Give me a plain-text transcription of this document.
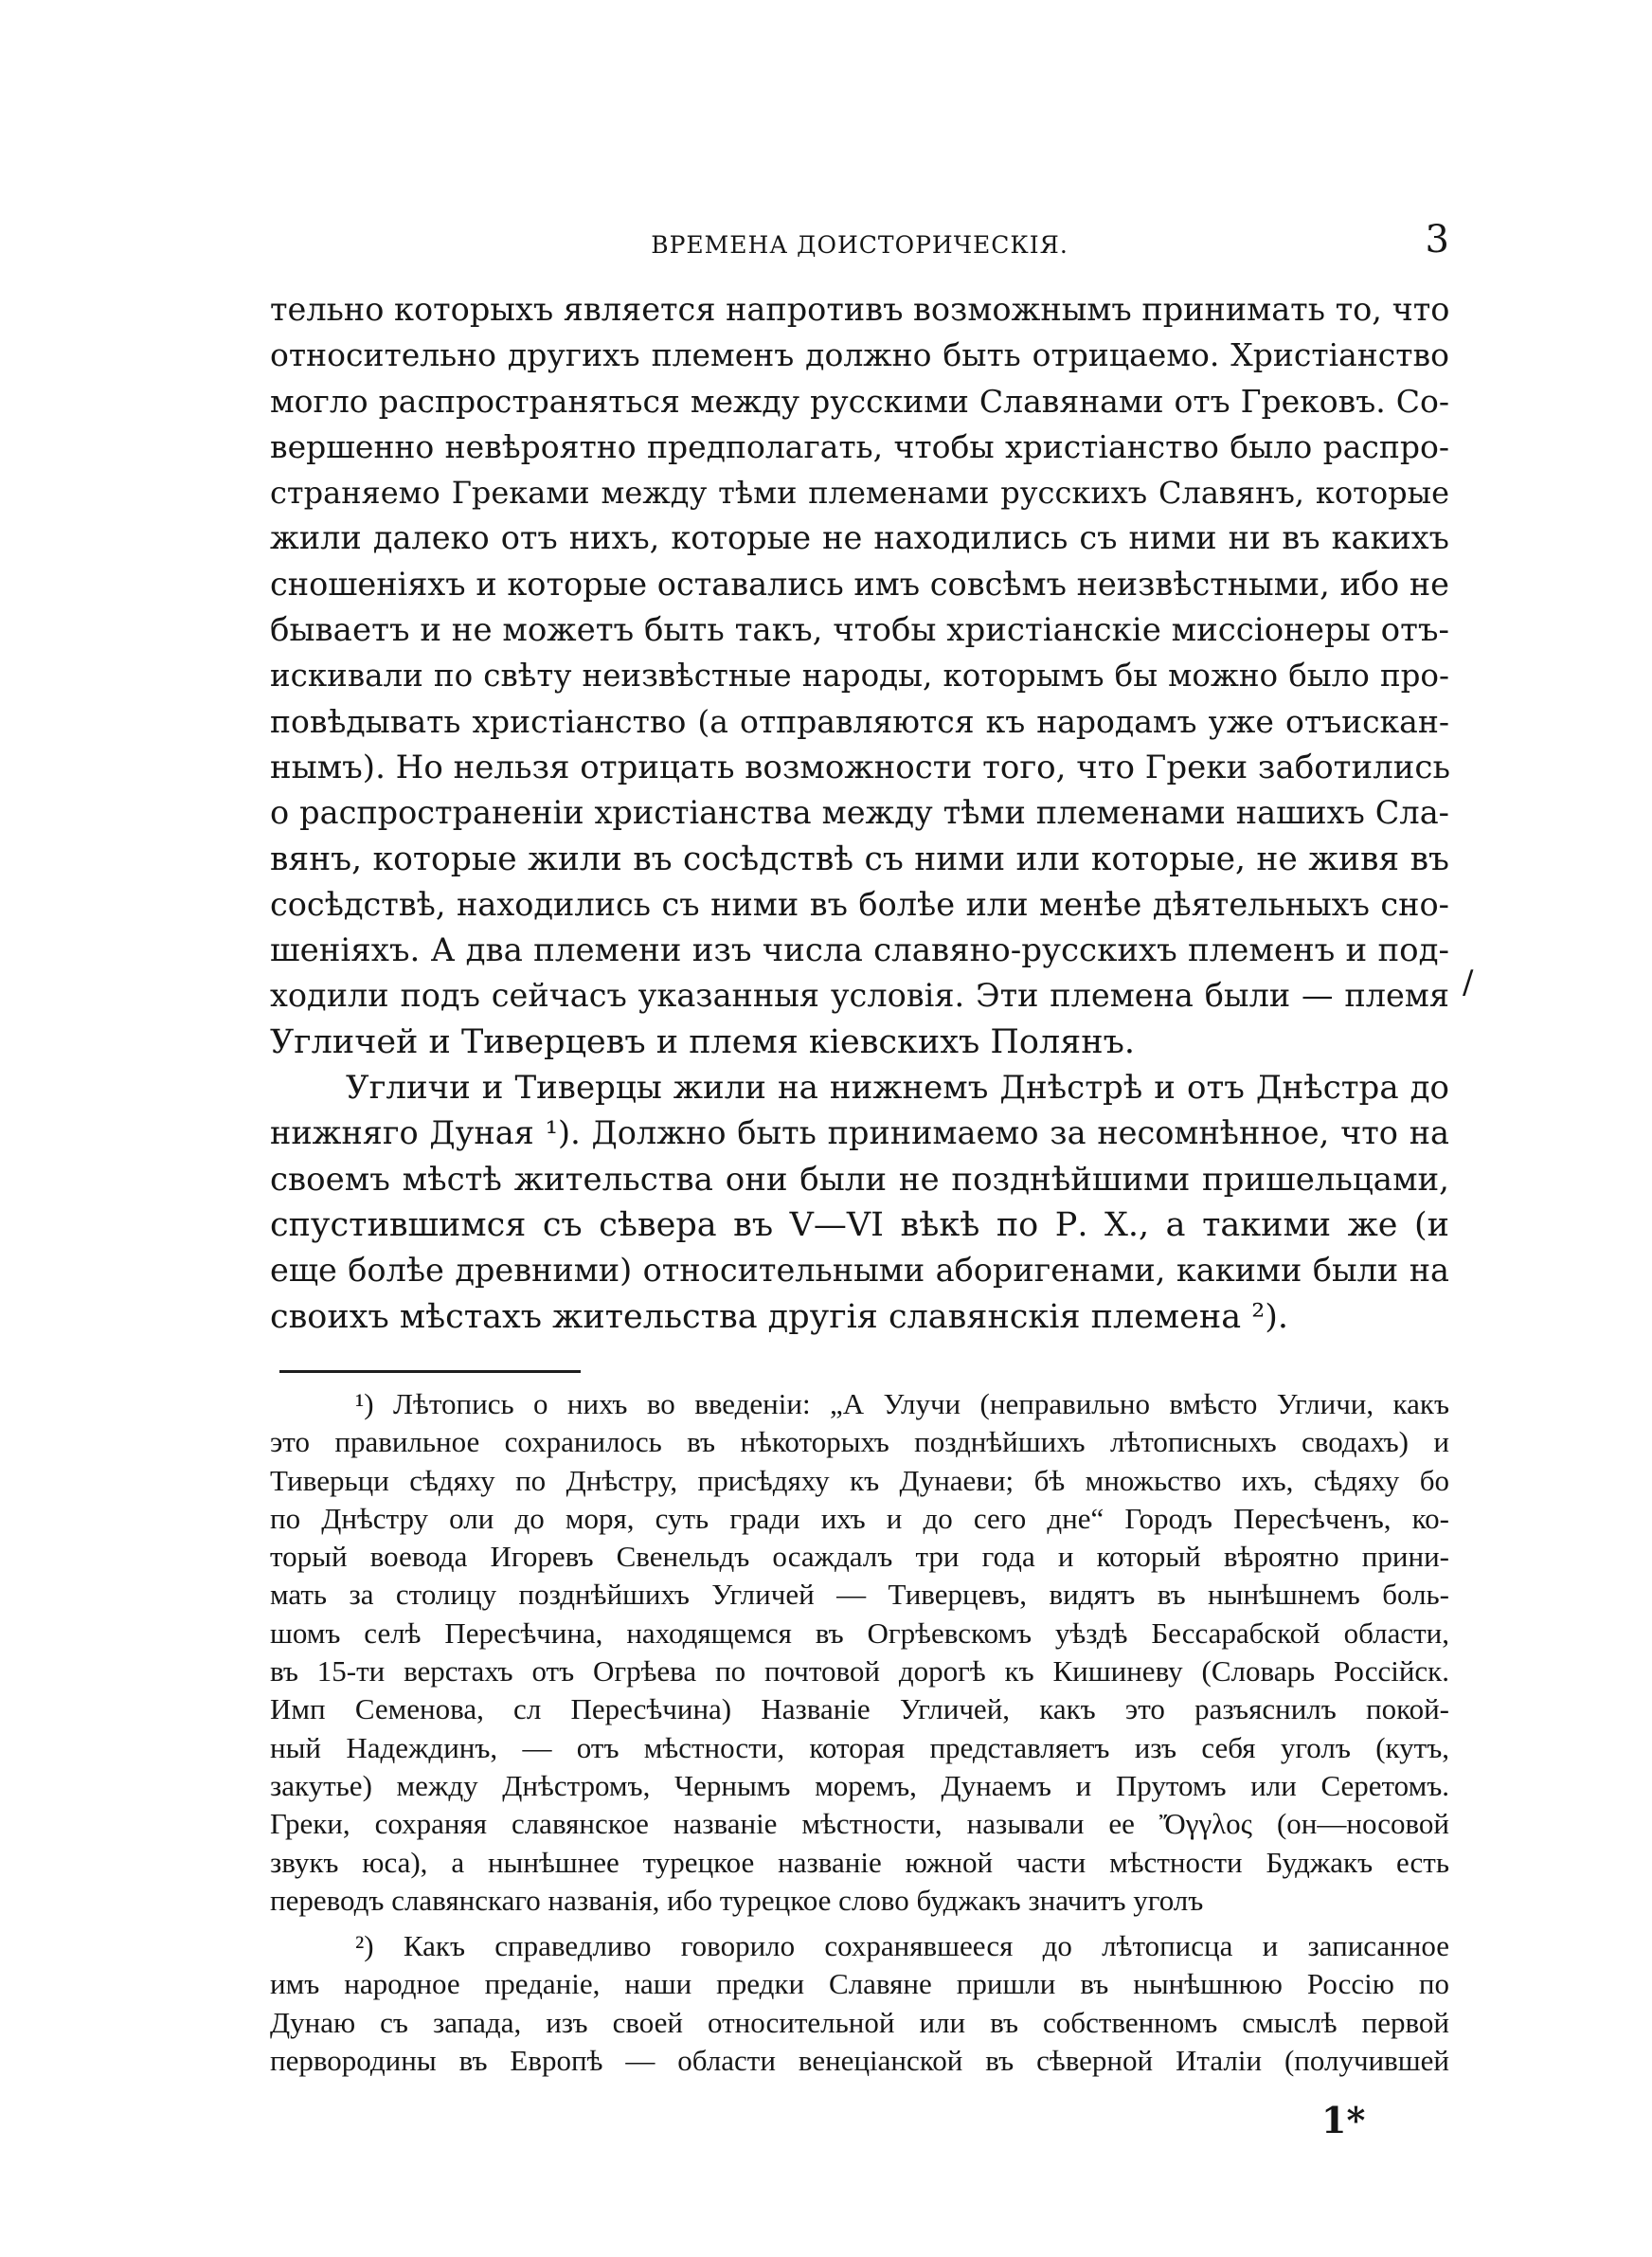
ВРЕМЕНА ДОИСТОРИЧЕСКІЯ.	3
тельно которыхъ является напротивъ возможнымъ принимать то, что
относительно другихъ племенъ должно быть отрицаемо. Христіанство
могло распространяться между русскими Славянами отъ Грековъ. Со-
вершенно невѣроятно предполагать, чтобы христіанство было распро-
страняемо Греками между тѣми племенами русскихъ Славянъ, которые
жили далеко отъ нихъ, которые не находились съ ними ни въ какихъ
сношеніяхъ и которые оставались имъ совсѣмъ неизвѣстными, ибо не
бываетъ и не можетъ быть такъ, чтобы христіанскіе миссіонеры отъ-
искивали по свѣту неизвѣстные народы, которымъ бы можно было про-
повѣдывать христіанство (а отправляются къ народамъ уже отъискан-
нымъ). Но нельзя отрицать возможности того, что Греки заботились
о распространеніи христіанства между тѣми племенами нашихъ Сла-
вянъ, которые жили въ сосѣдствѣ съ ними или которые, не живя въ
сосѣдствѣ, находились съ ними въ болѣе или менѣе дѣятельныхъ сно-
шеніяхъ. А два племени изъ числа славяно-русскихъ племенъ и под-
ходили подъ сейчасъ указанныя условія. Эти племена были — племя
Угличей и Тиверцевъ и племя кіевскихъ Полянъ.
Угличи и Тиверцы жили на нижнемъ Днѣстрѣ и отъ Днѣстра до
нижняго Дуная ¹). Должно быть принимаемо за несомнѣнное, что на
своемъ мѣстѣ жительства они были не позднѣйшими пришельцами,
спустившимся съ сѣвера въ V—VI вѣкѣ по Р. Х., а такими же (и
еще болѣе древними) относительными аборигенами, какими были на
своихъ мѣстахъ жительства другія славянскія племена ²).
/
¹) Лѣтопись о нихъ во введеніи: „А Улучи (неправильно вмѣсто Угличи, какъ
это правильное сохранилось въ нѣкоторыхъ позднѣйшихъ лѣтописныхъ сводахъ) и
Тиверьци сѣдяху по Днѣстру, присѣдяху къ Дунаеви; бѣ множьство ихъ, сѣдяху бо
по Днѣстру оли до моря, суть гради ихъ и до сего дне“ Городъ Пересѣченъ, ко-
торый воевода Игоревъ Свенельдъ осаждалъ три года и который вѣроятно прини-
мать за столицу позднѣйшихъ Угличей — Тиверцевъ, видятъ въ нынѣшнемъ боль-
шомъ селѣ Пересѣчина, находящемся въ Огрѣевскомъ уѣздѣ Бессарабской области,
въ 15-ти верстахъ отъ Огрѣева по почтовой дорогѣ къ Кишиневу (Словарь Россійск.
Имп Семенова, сл Пересѣчина) Названіе Угличей, какъ это разъяснилъ покой-
ный Надеждинъ, — отъ мѣстности, которая представляетъ изъ себя уголъ (кутъ,
закутье) между Днѣстромъ, Чернымъ моремъ, Дунаемъ и Прутомъ или Серетомъ.
Греки, сохраняя славянское названіе мѣстности, называли ее Ὄγγλος (он—носовой
звукъ юса), а нынѣшнее турецкое названіе южной части мѣстности Буджакъ есть
переводъ славянскаго названія, ибо турецкое слово буджакъ значитъ уголъ
²) Какъ справедливо говорило сохранявшееся до лѣтописца и записанное
имъ народное преданіе, наши предки Славяне пришли въ нынѣшнюю Россію по
Дунаю съ запада, изъ своей относительной или въ собственномъ смыслѣ первой
первородины въ Европѣ — области венеціанской въ сѣверной Италіи (получившей
1*
